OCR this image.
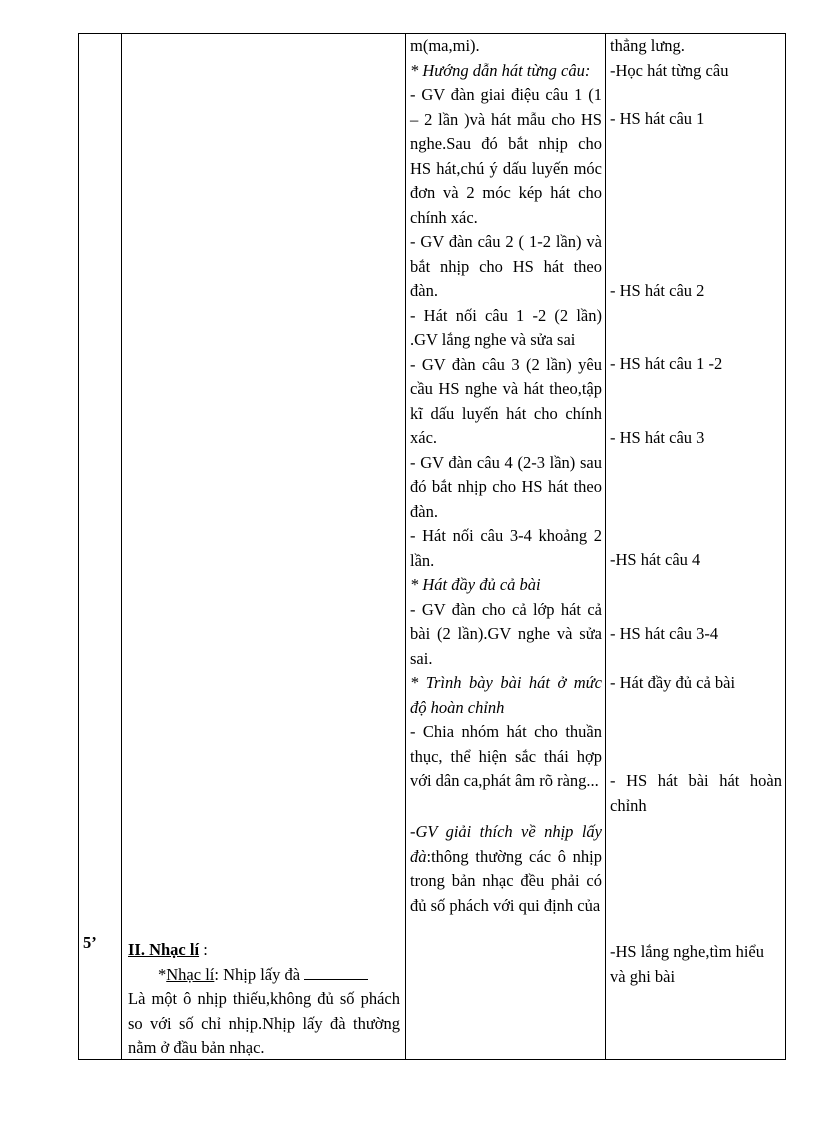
5’	II. Nhạc lí :
*Nhạc lí: Nhịp lấy đà
Là một ô nhịp thiếu,không đủ số phách so với số chỉ nhịp.Nhịp lấy đà thường nằm ở đầu bản nhạc.
m(ma,mi).
* Hướng dẫn hát từng câu:
- GV đàn giai điệu câu 1 (1 – 2 lần )và hát mẫu cho HS nghe.Sau đó bắt nhịp cho HS hát,chú ý dấu luyến móc đơn và 2 móc kép hát cho chính xác.
- GV đàn câu 2 ( 1-2 lần) và bắt nhịp cho HS hát theo đàn.
- Hát nối câu 1 -2 (2 lần) .GV lắng nghe và sửa sai
- GV đàn câu 3 (2 lần) yêu cầu HS nghe và hát theo,tập kĩ dấu luyến hát cho chính xác.
- GV đàn câu 4 (2-3 lần) sau đó bắt nhịp cho HS hát theo đàn.
- Hát nối câu 3-4 khoảng 2 lần.
* Hát đầy đủ cả bài
- GV đàn cho cả lớp hát cả bài (2 lần).GV nghe và sửa sai.
* Trình bày bài hát ở mức độ hoàn chỉnh
- Chia nhóm hát cho thuần thục, thể hiện sắc thái hợp với dân ca,phát âm rõ ràng...
-GV giải thích về nhịp lấy đà:thông thường các ô nhịp trong bản nhạc đều phải có đủ số phách với qui định của
thẳng lưng.
-Học hát từng câu
- HS hát câu 1
- HS hát câu 2
- HS hát câu 1 -2
- HS hát câu 3
-HS hát câu 4
- HS hát câu 3-4
- Hát đầy đủ cả bài
- HS hát bài hát hoàn chỉnh
-HS lắng nghe,tìm hiểu và ghi bài
